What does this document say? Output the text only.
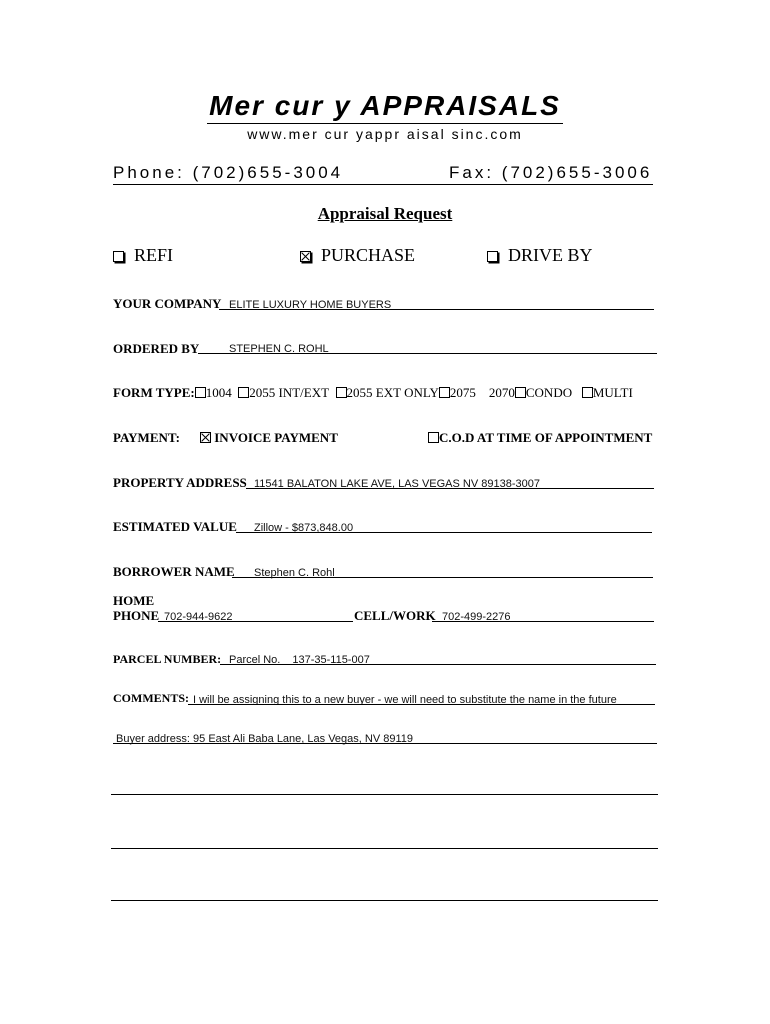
Mer cur y APPRAISALS
www.mer cur yappr aisal sinc.com
Phone: (702)655-3004	Fax: (702)655-3006
Appraisal Request
REFI	PURCHASE	DRIVE BY
YOUR COMPANY ELITE LUXURY HOME BUYERS
ORDERED BY	STEPHEN C. ROHL
FORM TYPE: 1004 2055 INT/EXT 2055 EXT ONLY 2075 2070 CONDO MULTI
PAYMENT:	INVOICE PAYMENT	C.O.D AT TIME OF APPOINTMENT
PROPERTY ADDRESS 11541 BALATON LAKE AVE, LAS VEGAS NV 89138-3007
ESTIMATED VALUE	Zillow - $873,848.00
BORROWER NAME	Stephen C. Rohl
HOME
PHONE 702-944-9622	CELL/WORK 702-499-2276
PARCEL NUMBER: Parcel No. 137-35-115-007
COMMENTS: I will be assigning this to a new buyer - we will need to substitute the name in the future
Buyer address: 95 East Ali Baba Lane, Las Vegas, NV 89119
